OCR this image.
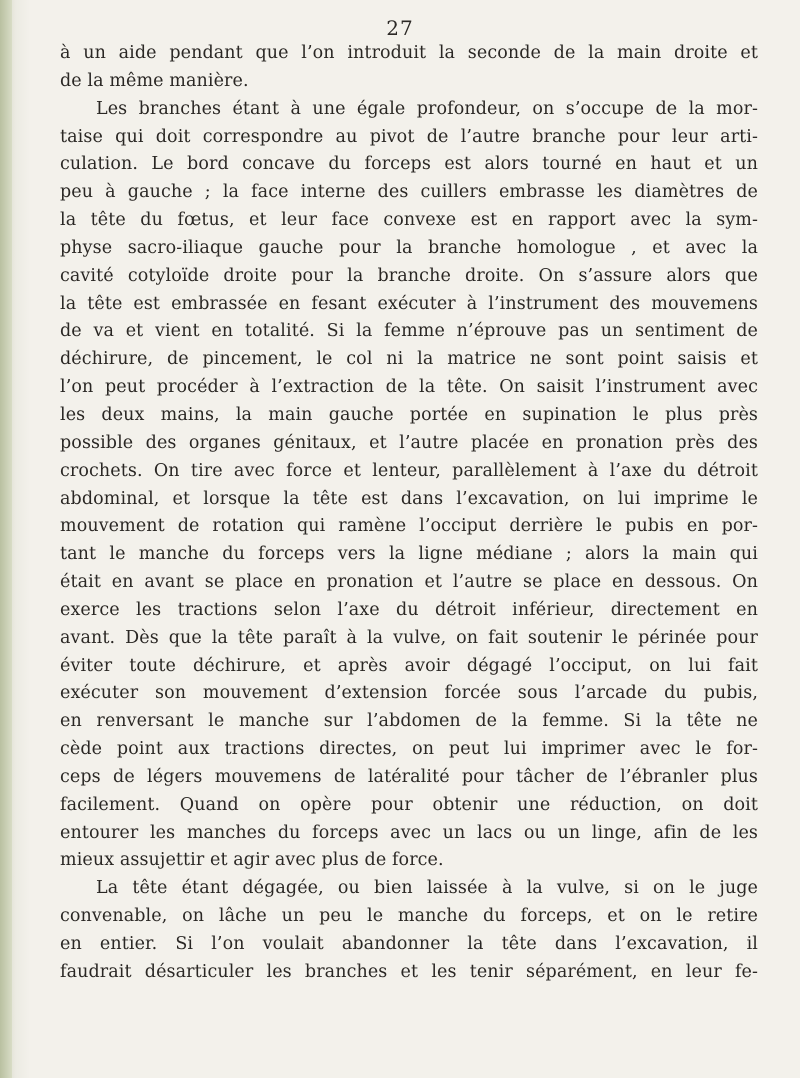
27
à un aide pendant que l’on introduit la seconde de la main droite et
de la même manière.
Les branches étant à une égale profondeur, on s’occupe de la mor-
taise qui doit correspondre au pivot de l’autre branche pour leur arti-
culation. Le bord concave du forceps est alors tourné en haut et un
peu à gauche ; la face interne des cuillers embrasse les diamètres de
la tête du fœtus, et leur face convexe est en rapport avec la sym-
physe sacro-iliaque gauche pour la branche homologue , et avec la
cavité cotyloïde droite pour la branche droite. On s’assure alors que
la tête est embrassée en fesant exécuter à l’instrument des mouvemens
de va et vient en totalité. Si la femme n’éprouve pas un sentiment de
déchirure, de pincement, le col ni la matrice ne sont point saisis et
l’on peut procéder à l’extraction de la tête. On saisit l’instrument avec
les deux mains, la main gauche portée en supination le plus près
possible des organes génitaux, et l’autre placée en pronation près des
crochets. On tire avec force et lenteur, parallèlement à l’axe du détroit
abdominal, et lorsque la tête est dans l’excavation, on lui imprime le
mouvement de rotation qui ramène l’occiput derrière le pubis en por-
tant le manche du forceps vers la ligne médiane ; alors la main qui
était en avant se place en pronation et l’autre se place en dessous. On
exerce les tractions selon l’axe du détroit inférieur, directement en
avant. Dès que la tête paraît à la vulve, on fait soutenir le périnée pour
éviter toute déchirure, et après avoir dégagé l’occiput, on lui fait
exécuter son mouvement d’extension forcée sous l’arcade du pubis,
en renversant le manche sur l’abdomen de la femme. Si la tête ne
cède point aux tractions directes, on peut lui imprimer avec le for-
ceps de légers mouvemens de latéralité pour tâcher de l’ébranler plus
facilement. Quand on opère pour obtenir une réduction, on doit
entourer les manches du forceps avec un lacs ou un linge, afin de les
mieux assujettir et agir avec plus de force.
La tête étant dégagée, ou bien laissée à la vulve, si on le juge
convenable, on lâche un peu le manche du forceps, et on le retire
en entier. Si l’on voulait abandonner la tête dans l’excavation, il
faudrait désarticuler les branches et les tenir séparément, en leur fe-
